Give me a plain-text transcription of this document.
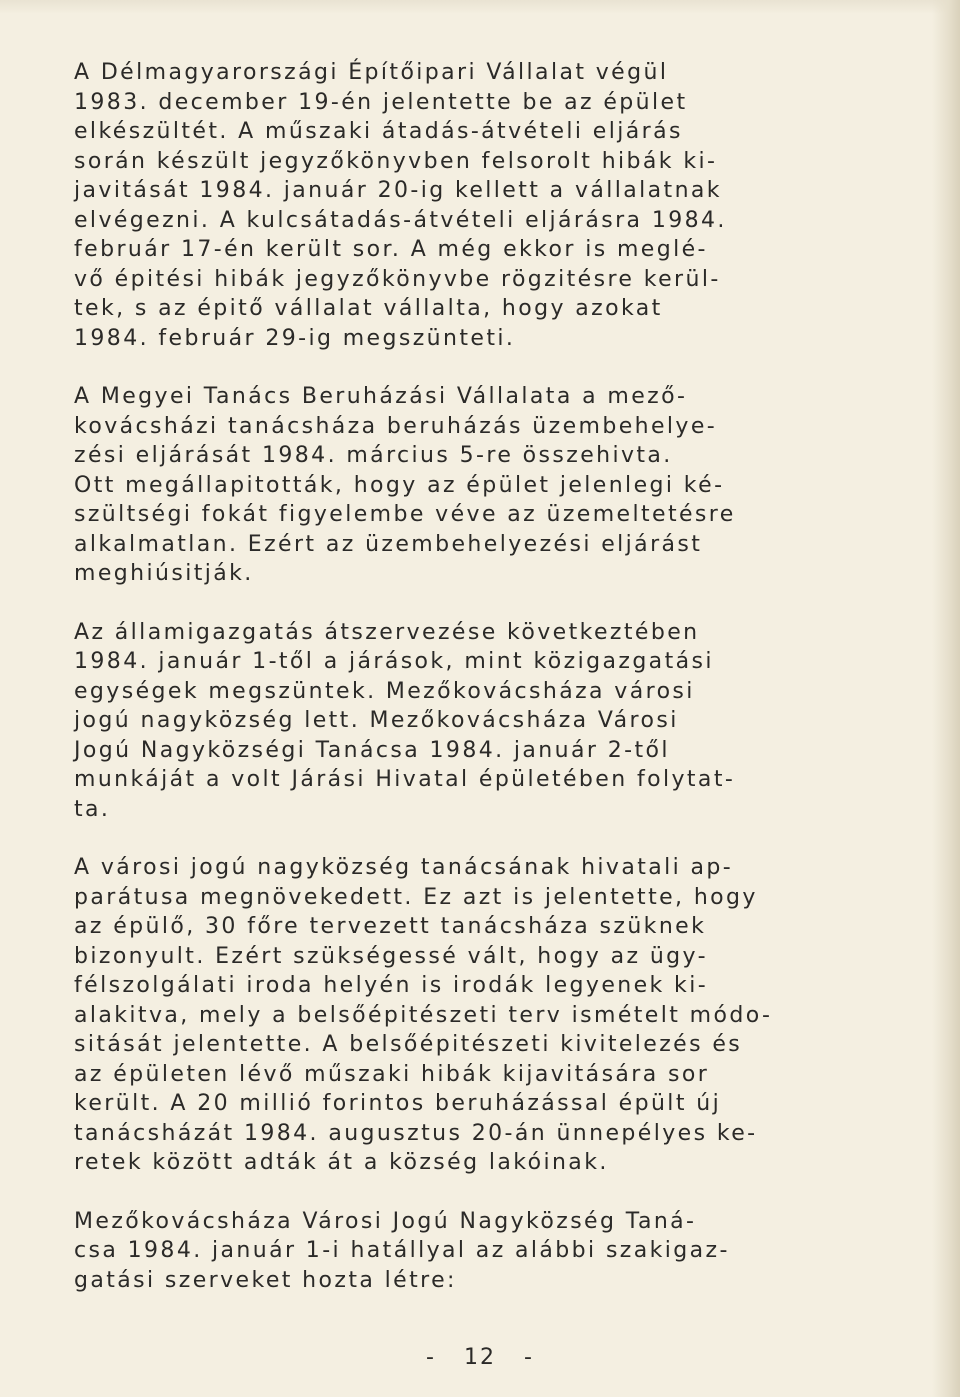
A Délmagyarországi Építőipari Vállalat végül
1983. december 19-én jelentette be az épület
elkészültét. A műszaki átadás-átvételi eljárás
során készült jegyzőkönyvben felsorolt hibák ki-
javitását 1984. január 20-ig kellett a vállalatnak
elvégezni. A kulcsátadás-átvételi eljárásra 1984.
február 17-én került sor. A még ekkor is meglé-
vő épitési hibák jegyzőkönyvbe rögzitésre kerül-
tek, s az épitő vállalat vállalta, hogy azokat
1984. február 29-ig megszünteti.
A Megyei Tanács Beruházási Vállalata a mező-
kovácsházi tanácsháza beruházás üzembehelye-
zési eljárását 1984. március 5-re összehivta.
Ott megállapitották, hogy az épület jelenlegi ké-
szültségi fokát figyelembe véve az üzemeltetésre
alkalmatlan. Ezért az üzembehelyezési eljárást
meghiúsitják.
Az államigazgatás átszervezése következtében
1984. január 1-től a járások, mint közigazgatási
egységek megszüntek. Mezőkovácsháza városi
jogú nagyközség lett. Mezőkovácsháza Városi
Jogú Nagyközségi Tanácsa 1984. január 2-től
munkáját a volt Járási Hivatal épületében folytat-
ta.
A városi jogú nagyközség tanácsának hivatali ap-
parátusa megnövekedett. Ez azt is jelentette, hogy
az épülő, 30 főre tervezett tanácsháza szüknek
bizonyult. Ezért szükségessé vált, hogy az ügy-
félszolgálati iroda helyén is irodák legyenek ki-
alakitva, mely a belsőépitészeti terv ismételt módo-
sitását jelentette. A belsőépitészeti kivitelezés és
az épületen lévő műszaki hibák kijavitására sor
került. A 20 millió forintos beruházással épült új
tanácsházát 1984. augusztus 20-án ünnepélyes ke-
retek között adták át a község lakóinak.
Mezőkovácsháza Városi Jogú Nagyközség Taná-
csa 1984. január 1-i hatállyal az alábbi szakigaz-
gatási szerveket hozta létre:
- 12 -
